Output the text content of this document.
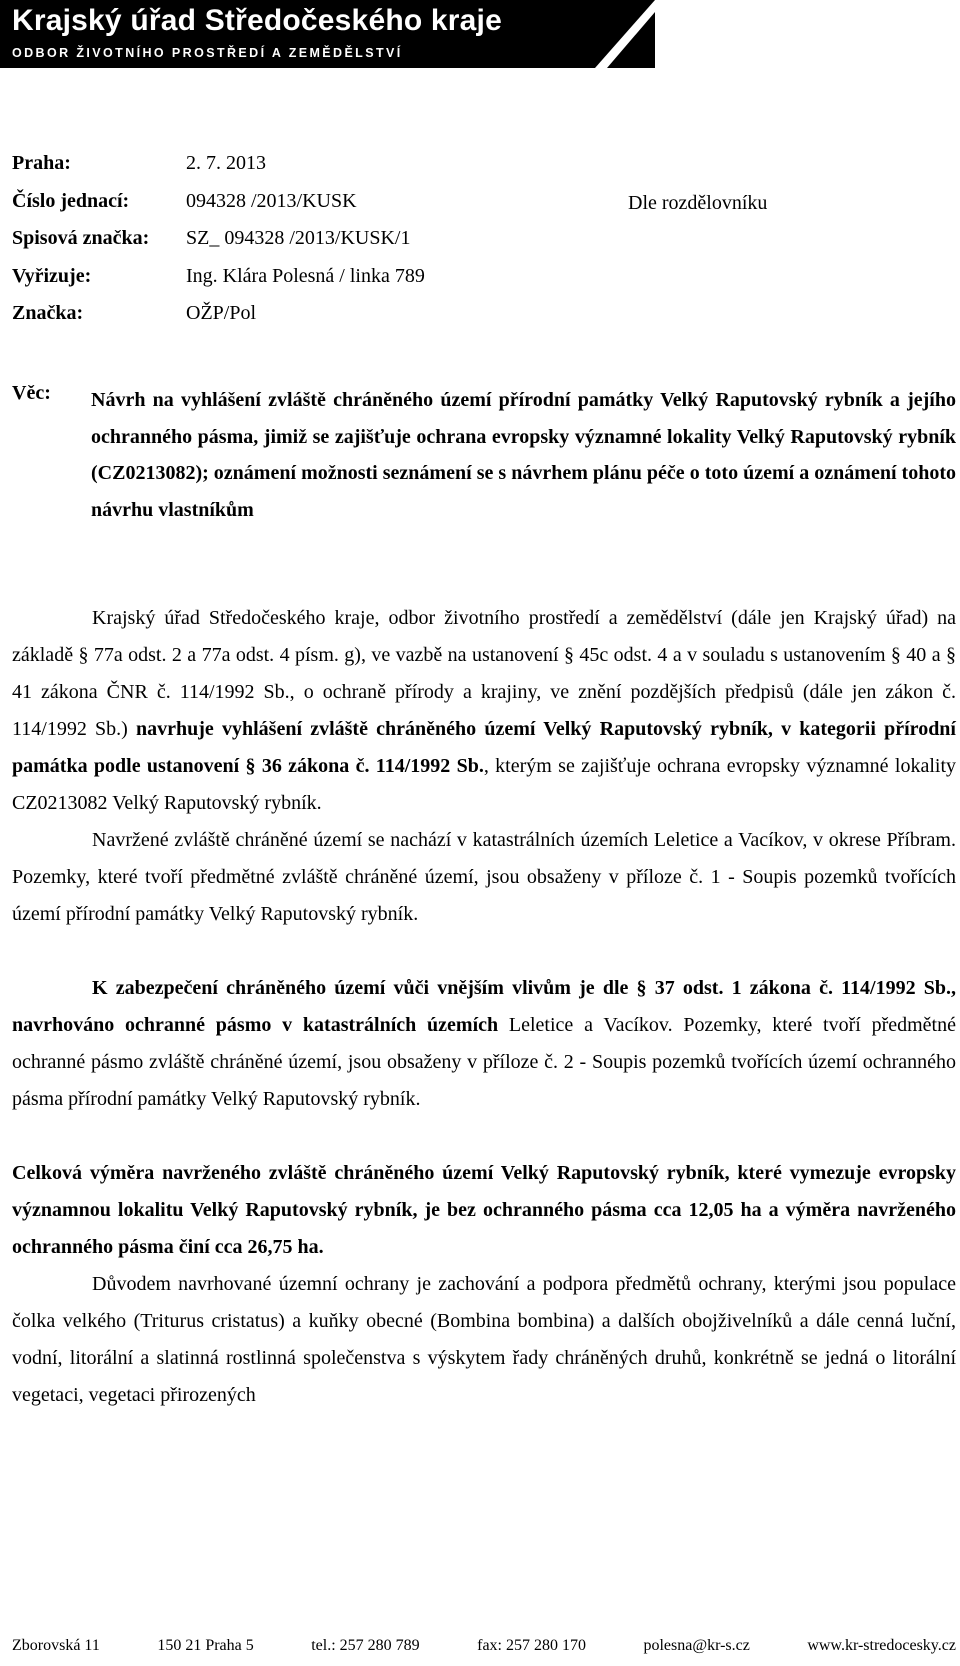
Krajský úřad Středočeského kraje
ODBOR ŽIVOTNÍHO PROSTŘEDÍ A ZEMĚDĚLSTVÍ
Praha:	2. 7. 2013
Číslo jednací:	094328 /2013/KUSK
Spisová značka:	SZ_ 094328 /2013/KUSK/1
Vyřizuje:	Ing. Klára Polesná / linka 789
Značka:	OŽP/Pol
Dle rozdělovníku
Věc: Návrh na vyhlášení zvláště chráněného území přírodní památky Velký Raputovský rybník a jejího ochranného pásma, jimiž se zajišťuje ochrana evropsky významné lokality Velký Raputovský rybník (CZ0213082); oznámení možnosti seznámení se s návrhem plánu péče o toto území a oznámení tohoto návrhu vlastníkům

Krajský úřad Středočeského kraje, odbor životního prostředí a zemědělství (dále jen Krajský úřad) na základě § 77a odst. 2 a 77a odst. 4 písm. g), ve vazbě na ustanovení § 45c odst. 4 a v souladu s ustanovením § 40 a § 41 zákona ČNR č. 114/1992 Sb., o ochraně přírody a krajiny, ve znění pozdějších předpisů (dále jen zákon č. 114/1992 Sb.) navrhuje vyhlášení zvláště chráněného území Velký Raputovský rybník, v kategorii přírodní památka podle ustanovení § 36 zákona č. 114/1992 Sb., kterým se zajišťuje ochrana evropsky významné lokality CZ0213082 Velký Raputovský rybník.

Navržené zvláště chráněné území se nachází v katastrálních územích Leletice a Vacíkov, v okrese Příbram. Pozemky, které tvoří předmětné zvláště chráněné území, jsou obsaženy v příloze č. 1 - Soupis pozemků tvořících území přírodní památky Velký Raputovský rybník.

K zabezpečení chráněného území vůči vnějším vlivům je dle § 37 odst. 1 zákona č. 114/1992 Sb., navrhováno ochranné pásmo v katastrálních územích Leletice a Vacíkov. Pozemky, které tvoří předmětné ochranné pásmo zvláště chráněné území, jsou obsaženy v příloze č. 2 - Soupis pozemků tvořících území ochranného pásma přírodní památky Velký Raputovský rybník.

Celková výměra navrženého zvláště chráněného území Velký Raputovský rybník, které vymezuje evropsky významnou lokalitu Velký Raputovský rybník, je bez ochranného pásma cca 12,05 ha a výměra navrženého ochranného pásma činí cca 26,75 ha.

Důvodem navrhované územní ochrany je zachování a podpora předmětů ochrany, kterými jsou populace čolka velkého (Triturus cristatus) a kuňky obecné (Bombina bombina) a dalších obojživelníků a dále cenná luční, vodní, litorální a slatinná rostlinná společenstva s výskytem řady chráněných druhů, konkrétně se jedná o litorální vegetaci, vegetaci přirozených

Zborovská 11	150 21 Praha 5	tel.: 257 280 789	fax: 257 280 170	polesna@kr-s.cz	www.kr-stredocesky.cz
